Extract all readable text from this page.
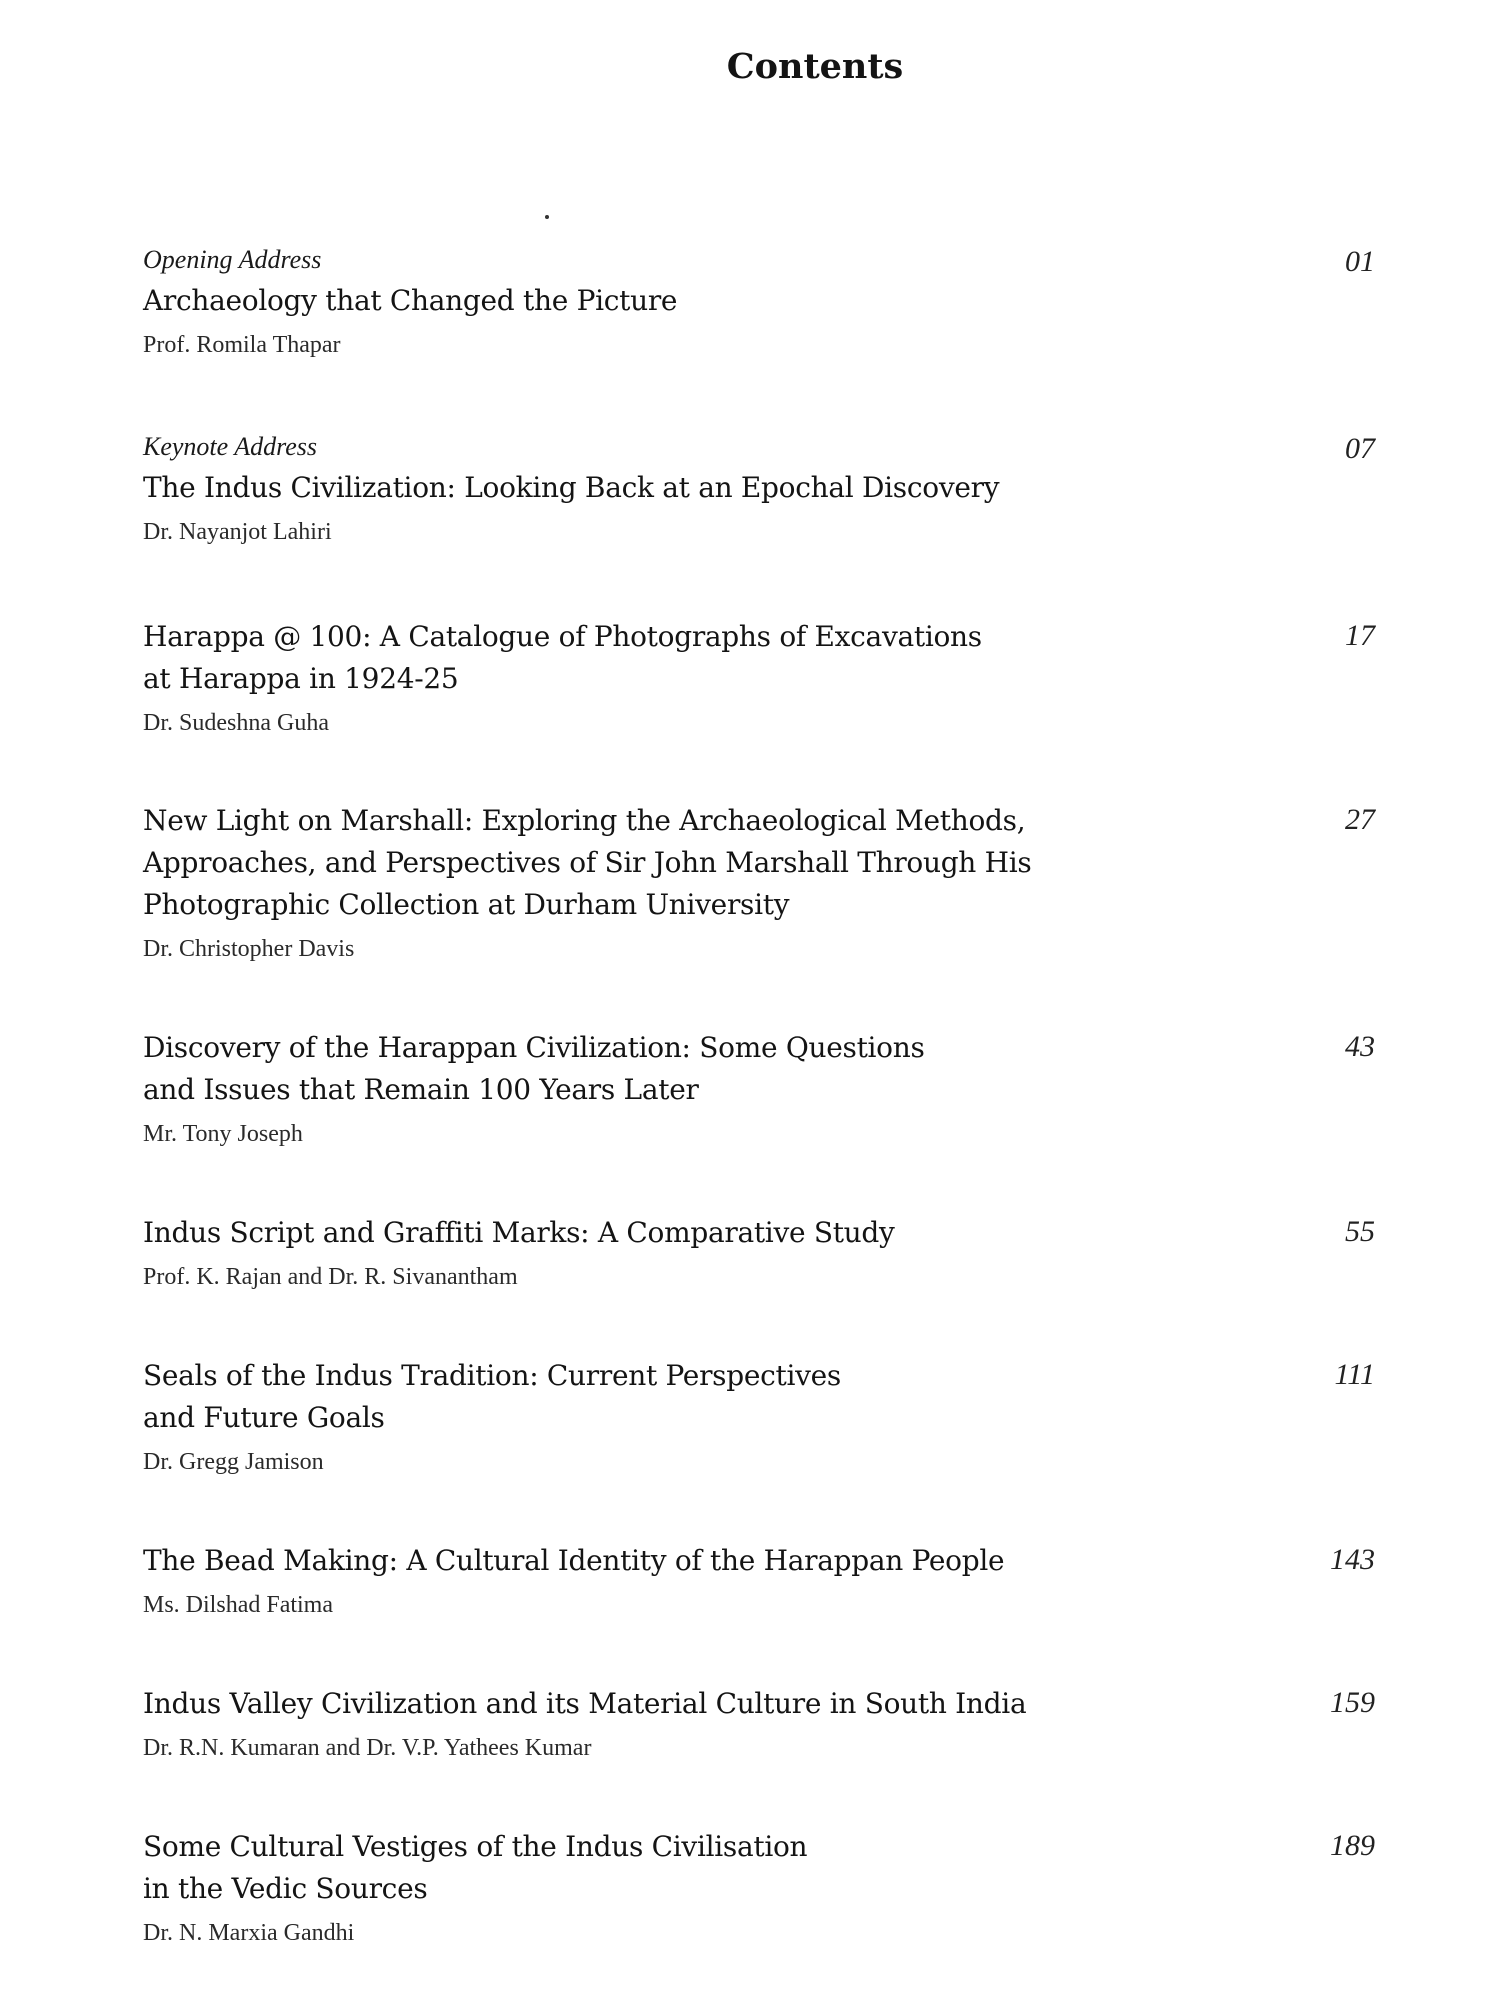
Contents
Opening Address	01
Archaeology that Changed the Picture
Prof. Romila Thapar
Keynote Address	07
The Indus Civilization: Looking Back at an Epochal Discovery
Dr. Nayanjot Lahiri
17
Harappa @ 100: A Catalogue of Photographs of Excavations
at Harappa in 1924-25
Dr. Sudeshna Guha
27
New Light on Marshall: Exploring the Archaeological Methods,
Approaches, and Perspectives of Sir John Marshall Through His
Photographic Collection at Durham University
Dr. Christopher Davis
43
Discovery of the Harappan Civilization: Some Questions
and Issues that Remain 100 Years Later
Mr. Tony Joseph
55
Indus Script and Graffiti Marks: A Comparative Study
Prof. K. Rajan and Dr. R. Sivanantham
111
Seals of the Indus Tradition: Current Perspectives
and Future Goals
Dr. Gregg Jamison
143
The Bead Making: A Cultural Identity of the Harappan People
Ms. Dilshad Fatima
159
Indus Valley Civilization and its Material Culture in South India
Dr. R.N. Kumaran and Dr. V.P. Yathees Kumar
189
Some Cultural Vestiges of the Indus Civilisation
in the Vedic Sources
Dr. N. Marxia Gandhi
